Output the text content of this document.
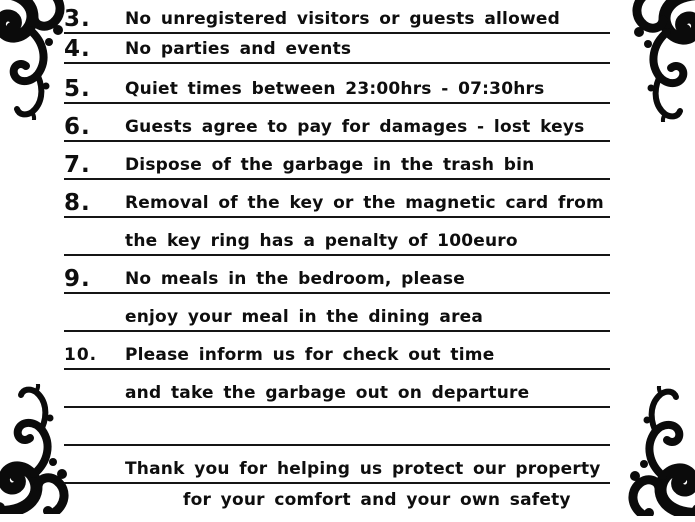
3.	No unregistered visitors or guests allowed
4.	No parties and events
5.	Quiet times between 23:00hrs - 07:30hrs
6.	Guests agree to pay for damages - lost keys
7.	Dispose of the garbage in the trash bin
8.	Removal of the key or the magnetic card from
the key ring has a penalty of 100euro
9.	No meals in the bedroom, please
enjoy your meal in the dining area
10.	Please inform us for check out time
and take the garbage out on departure
Thank you for helping us protect our property
for your comfort and your own safety
